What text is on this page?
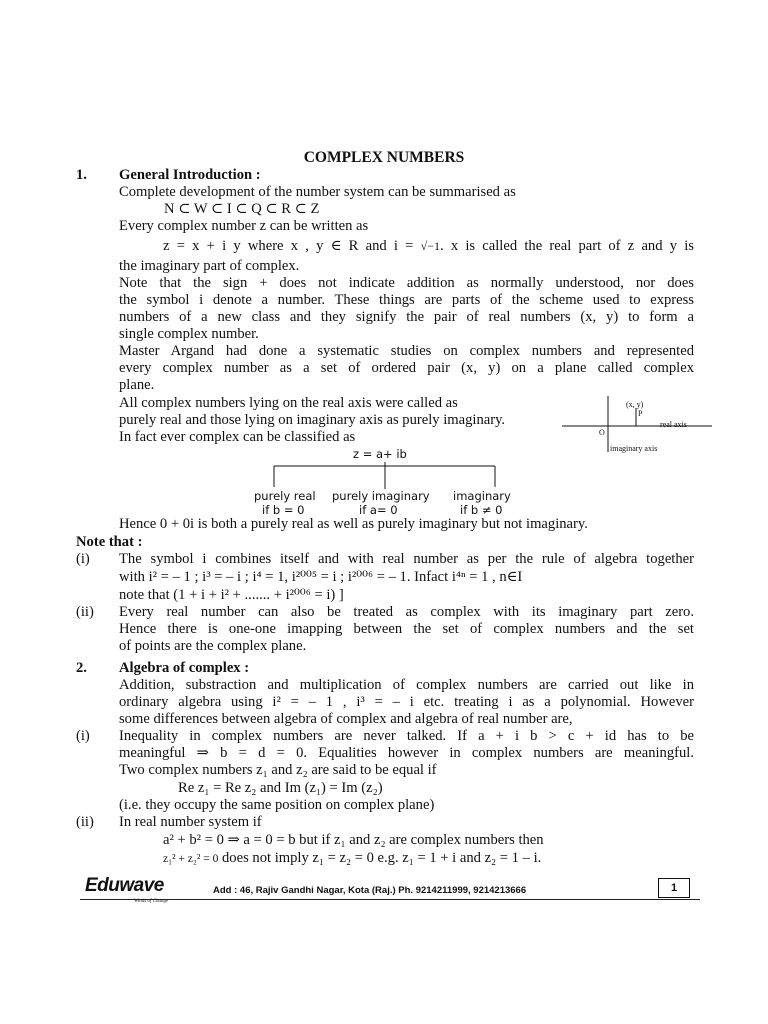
COMPLEX NUMBERS
1. General Introduction :
Complete development of the number system can be summarised as
N ⊂ W ⊂ I ⊂ Q ⊂ R ⊂ Z
Every complex number z can be written as
z = x + i y where x , y ∈ R and i = √−1. x is called the real part of z and y is
the imaginary part of complex.
Note that the sign + does not indicate addition as normally understood, nor does
the symbol i denote a number. These things are parts of the scheme used to express
numbers of a new class and they signify the pair of real numbers (x, y) to form a
single complex number.
Master Argand had done a systematic studies on complex numbers and represented
every complex number as a set of ordered pair (x, y) on a plane called complex
plane.
All complex numbers lying on the real axis were called as
purely real and those lying on imaginary axis as purely imaginary.
In fact ever complex can be classified as
(x, y)
P
real axis
O
imaginary axis
z = a+ ib
purely real
if b = 0
purely imaginary
if a= 0
imaginary
if b ≠ 0
Hence 0 + 0i is both a purely real as well as purely imaginary but not imaginary.
Note that :
(i) The symbol i combines itself and with real number as per the rule of algebra together
with i² = – 1 ; i³ = – i ; i⁴ = 1, i²⁰⁰⁵ = i ; i²⁰⁰⁶ = – 1. Infact i⁴ⁿ = 1 , n∈I
note that (1 + i + i² + ....... + i²⁰⁰⁶ = i) ]
(ii) Every real number can also be treated as complex with its imaginary part zero.
Hence there is one-one imapping between the set of complex numbers and the set
of points are the complex plane.
2. Algebra of complex :
Addition, substraction and multiplication of complex numbers are carried out like in
ordinary algebra using i² = – 1 , i³ = – i etc. treating i as a polynomial. However
some differences between algebra of complex and algebra of real number are,
(i) Inequality in complex numbers are never talked. If a + i b > c + id has to be
meaningful ⇒ b = d = 0. Equalities however in complex numbers are meaningful.
Two complex numbers z₁ and z₂ are said to be equal if
Re z₁ = Re z₂ and Im (z₁) = Im (z₂)
(i.e. they occupy the same position on complex plane)
(ii) In real number system if
a² + b² = 0 ⇒ a = 0 = b but if z₁ and z₂ are complex numbers then
z₁² + z₂² = 0 does not imply z₁ = z₂ = 0 e.g. z₁ = 1 + i and z₂ = 1 – i.
Eduwave
Winds of Change
Add : 46, Rajiv Gandhi Nagar, Kota (Raj.) Ph. 9214211999, 9214213666	1
